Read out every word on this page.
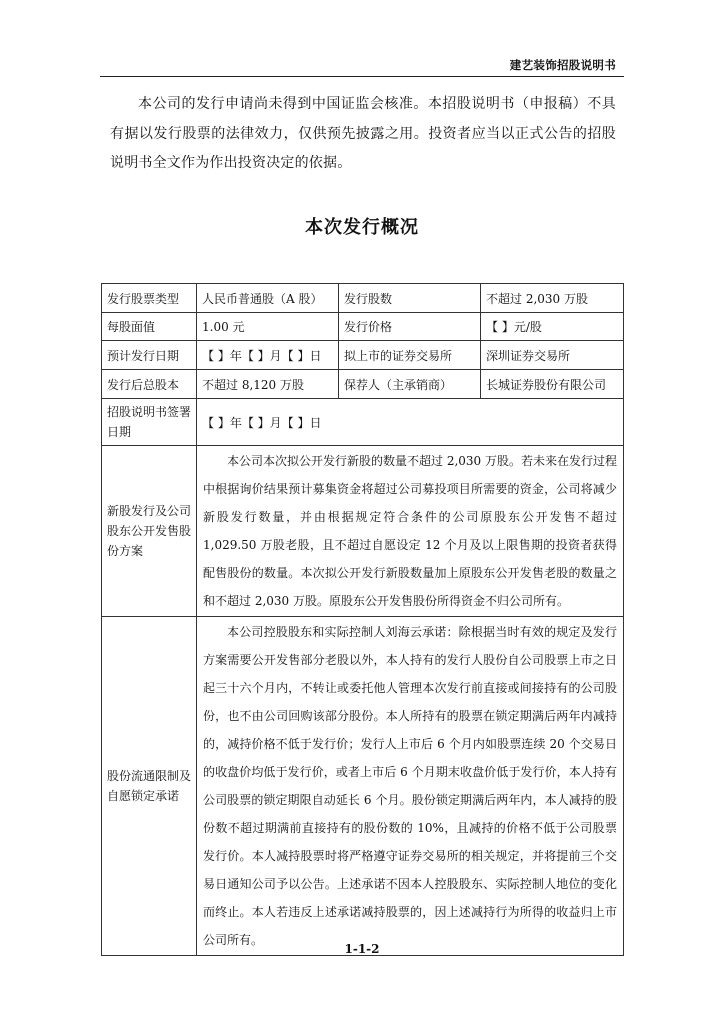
建艺装饰招股说明书

本公司的发行申请尚未得到中国证监会核准。本招股说明书（申报稿）不具有据以发行股票的法律效力，仅供预先披露之用。投资者应当以正式公告的招股说明书全文作为作出投资决定的依据。

本次发行概况
发行股票类型	人民币普通股（A 股）	发行股数	不超过 2,030 万股
每股面值	1.00 元	发行价格	【 】元/股
预计发行日期	【 】年【 】月【 】日	拟上市的证券交易所	深圳证券交易所
发行后总股本	不超过 8,120 万股	保荐人（主承销商）	长城证券股份有限公司
招股说明书签署日期	【 】年【 】月【 】日		
新股发行及公司股东公开发售股份方案	本公司本次拟公开发行新股的数量不超过 2,030 万股。若未来在发行过程中根据询价结果预计募集资金将超过公司募投项目所需要的资金，公司将减少新股发行数量，并由根据规定符合条件的公司原股东公开发售不超过 1,029.50 万股老股，且不超过自愿设定 12 个月及以上限售期的投资者获得配售股份的数量。本次拟公开发行新股数量加上原股东公开发售老股的数量之和不超过 2,030 万股。原股东公开发售股份所得资金不归公司所有。		
股份流通限制及自愿锁定承诺	本公司控股股东和实际控制人刘海云承诺：除根据当时有效的规定及发行方案需要公开发售部分老股以外，本人持有的发行人股份自公司股票上市之日起三十六个月内，不转让或委托他人管理本次发行前直接或间接持有的公司股份，也不由公司回购该部分股份。本人所持有的股票在锁定期满后两年内减持的，减持价格不低于发行价；发行人上市后 6 个月内如股票连续 20 个交易日的收盘价均低于发行价，或者上市后 6 个月期末收盘价低于发行价，本人持有公司股票的锁定期限自动延长 6 个月。股份锁定期满后两年内，本人减持的股份数不超过期满前直接持有的股份数的 10%，且减持的价格不低于公司股票发行价。本人减持股票时将严格遵守证券交易所的相关规定，并将提前三个交易日通知公司予以公告。上述承诺不因本人控股股东、实际控制人地位的变化而终止。本人若违反上述承诺减持股票的，因上述减持行为所得的收益归上市公司所有。		
1-1-2
